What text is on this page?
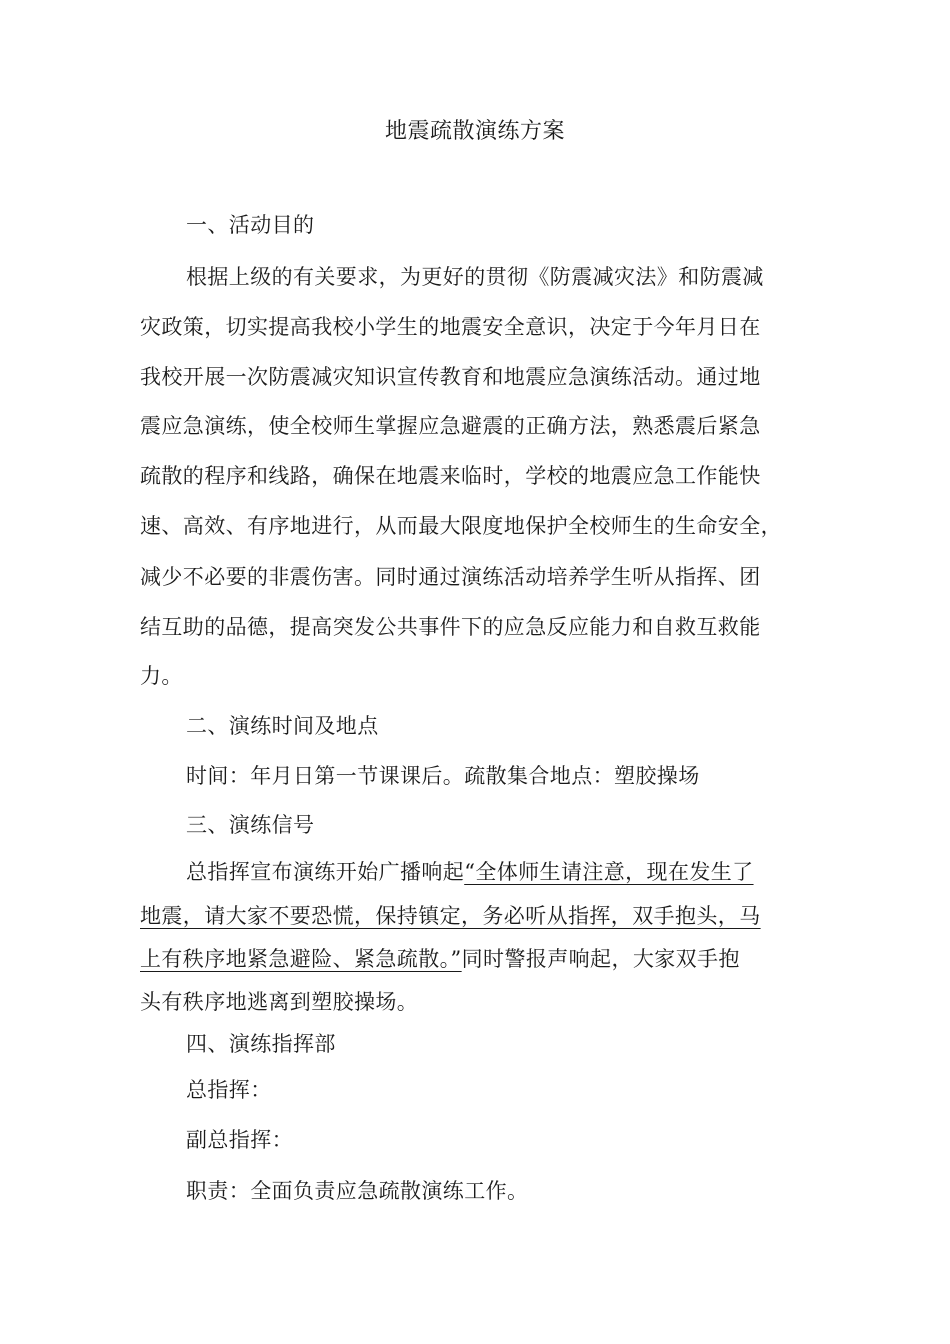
地震疏散演练方案
一、活动目的
根据上级的有关要求，为更好的贯彻《防震减灾法》和防震减
灾政策，切实提高我校小学生的地震安全意识，决定于今年月日在
我校开展一次防震减灾知识宣传教育和地震应急演练活动。通过地
震应急演练，使全校师生掌握应急避震的正确方法，熟悉震后紧急
疏散的程序和线路，确保在地震来临时，学校的地震应急工作能快
速、高效、有序地进行，从而最大限度地保护全校师生的生命安全，
减少不必要的非震伤害。同时通过演练活动培养学生听从指挥、团
结互助的品德，提高突发公共事件下的应急反应能力和自救互救能
力。
二、演练时间及地点
时间：年月日第一节课课后。疏散集合地点：塑胶操场
三、演练信号
总指挥宣布演练开始广播响起“全体师生请注意，现在发生了
地震，请大家不要恐慌，保持镇定，务必听从指挥，双手抱头，马
上有秩序地紧急避险、紧急疏散。”同时警报声响起，大家双手抱
头有秩序地逃离到塑胶操场。
四、演练指挥部
总指挥：
副总指挥：
职责：全面负责应急疏散演练工作。
